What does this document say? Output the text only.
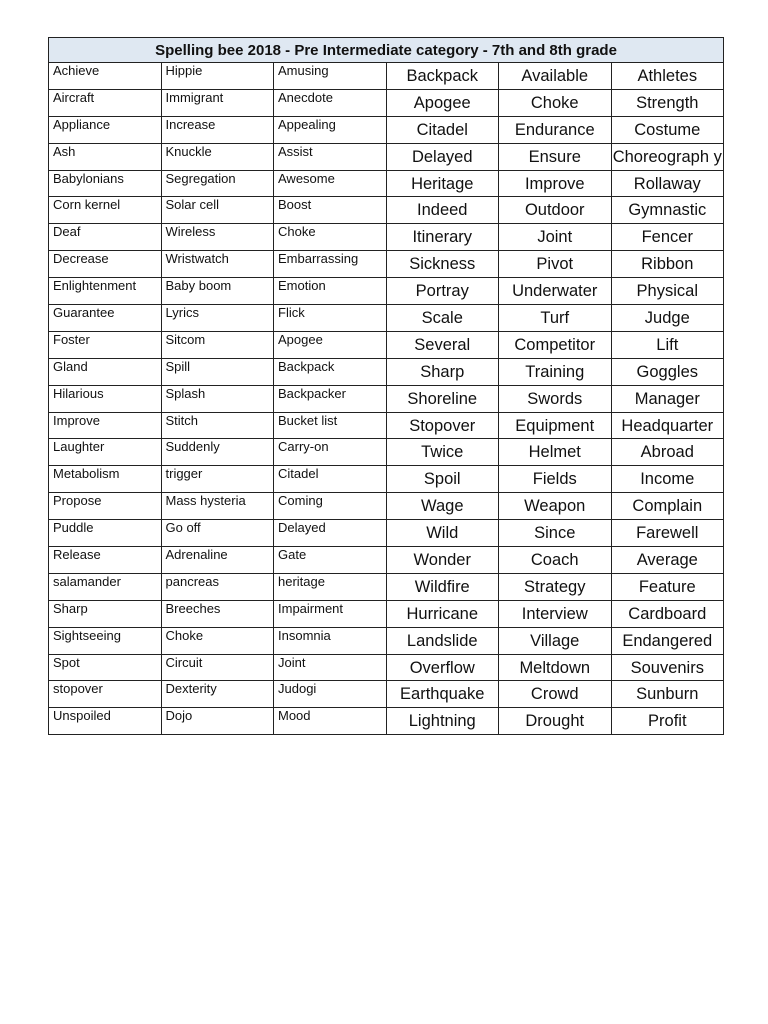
Spelling bee 2018 - Pre Intermediate category - 7th and 8th grade					
Achieve	Hippie	Amusing	Backpack	Available	Athletes
Aircraft	Immigrant	Anecdote	Apogee	Choke	Strength
Appliance	Increase	Appealing	Citadel	Endurance	Costume
Ash	Knuckle	Assist	Delayed	Ensure	Choreograph y
Babylonians	Segregation	Awesome	Heritage	Improve	Rollaway
Corn kernel	Solar cell	Boost	Indeed	Outdoor	Gymnastic
Deaf	Wireless	Choke	Itinerary	Joint	Fencer
Decrease	Wristwatch	Embarrassing	Sickness	Pivot	Ribbon
Enlightenment	Baby boom	Emotion	Portray	Underwater	Physical
Guarantee	Lyrics	Flick	Scale	Turf	Judge
Foster	Sitcom	Apogee	Several	Competitor	Lift
Gland	Spill	Backpack	Sharp	Training	Goggles
Hilarious	Splash	Backpacker	Shoreline	Swords	Manager
Improve	Stitch	Bucket list	Stopover	Equipment	Headquarter
Laughter	Suddenly	Carry-on	Twice	Helmet	Abroad
Metabolism	trigger	Citadel	Spoil	Fields	Income
Propose	Mass hysteria	Coming	Wage	Weapon	Complain
Puddle	Go off	Delayed	Wild	Since	Farewell
Release	Adrenaline	Gate	Wonder	Coach	Average
salamander	pancreas	heritage	Wildfire	Strategy	Feature
Sharp	Breeches	Impairment	Hurricane	Interview	Cardboard
Sightseeing	Choke	Insomnia	Landslide	Village	Endangered
Spot	Circuit	Joint	Overflow	Meltdown	Souvenirs
stopover	Dexterity	Judogi	Earthquake	Crowd	Sunburn
Unspoiled	Dojo	Mood	Lightning	Drought	Profit
